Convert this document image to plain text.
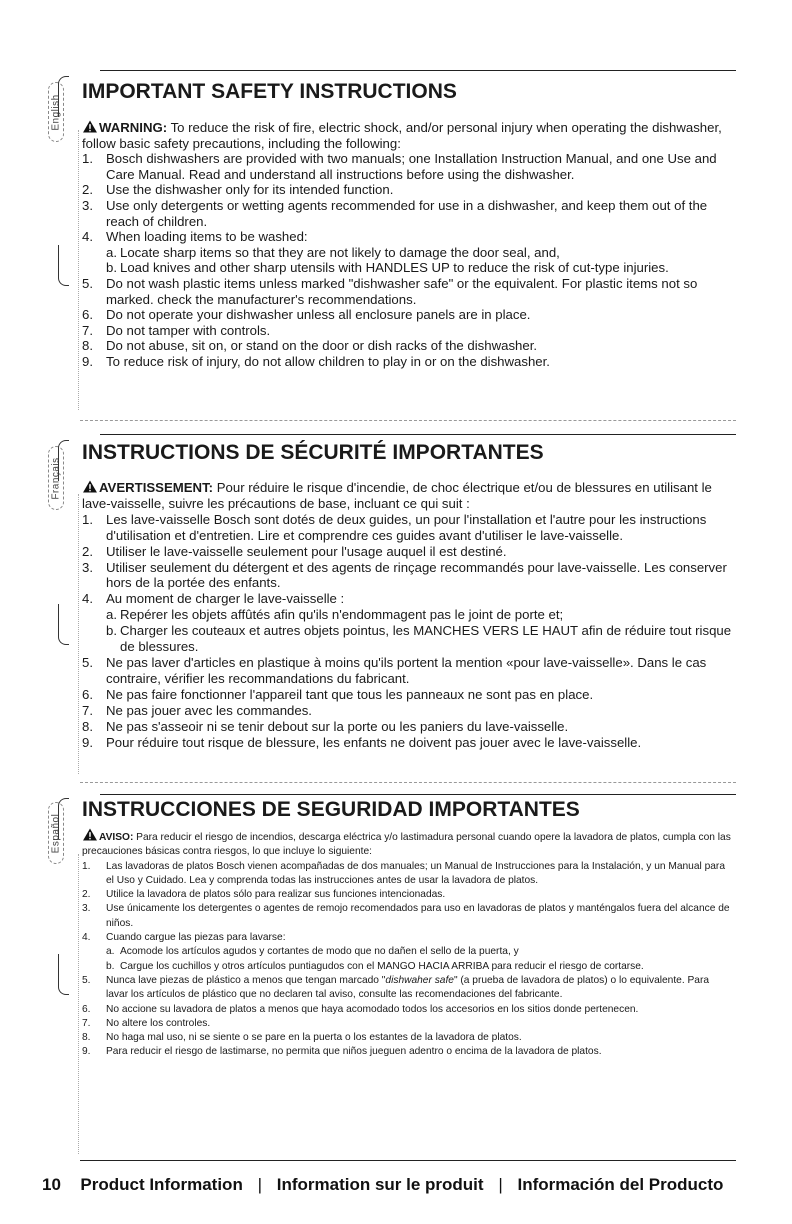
English
IMPORTANT SAFETY INSTRUCTIONS

WARNING: To reduce the risk of fire, electric shock, and/or personal injury when operating the dishwasher, follow basic safety precautions, including the following:

1. Bosch dishwashers are provided with two manuals; one Installation Instruction Manual, and one Use and Care Manual. Read and understand all instructions before using the dishwasher.
2. Use the dishwasher only for its intended function.
3. Use only detergents or wetting agents recommended for use in a dishwasher, and keep them out of the reach of children.
4. When loading items to be washed:
a. Locate sharp items so that they are not likely to damage the door seal, and,
b. Load knives and other sharp utensils with HANDLES UP to reduce the risk of cut-type injuries.
5. Do not wash plastic items unless marked "dishwasher safe" or the equivalent. For plastic items not so marked. check the manufacturer's recommendations.
6. Do not operate your dishwasher unless all enclosure panels are in place.
7. Do not tamper with controls.
8. Do not abuse, sit on, or stand on the door or dish racks of the dishwasher.
9. To reduce risk of injury, do not allow children to play in or on the dishwasher.
Français
INSTRUCTIONS DE SÉCURITÉ IMPORTANTES

AVERTISSEMENT: Pour réduire le risque d'incendie, de choc électrique et/ou de blessures en utilisant le lave-vaisselle, suivre les précautions de base, incluant ce qui suit :

1. Les lave-vaisselle Bosch sont dotés de deux guides, un pour l'installation et l'autre pour les instructions d'utilisation et d'entretien. Lire et comprendre ces guides avant d'utiliser le lave-vaisselle.
2. Utiliser le lave-vaisselle seulement pour l'usage auquel il est destiné.
3. Utiliser seulement du détergent et des agents de rinçage recommandés pour lave-vaisselle. Les conserver hors de la portée des enfants.
4. Au moment de charger le lave-vaisselle :
a. Repérer les objets affûtés afin qu'ils n'endommagent pas le joint de porte et;
b. Charger les couteaux et autres objets pointus, les MANCHES VERS LE HAUT afin de réduire tout risque de blessures.
5. Ne pas laver d'articles en plastique à moins qu'ils portent la mention «pour lave-vaisselle». Dans le cas contraire, vérifier les recommandations du fabricant.
6. Ne pas faire fonctionner l'appareil tant que tous les panneaux ne sont pas en place.
7. Ne pas jouer avec les commandes.
8. Ne pas s'asseoir ni se tenir debout sur la porte ou les paniers du lave-vaisselle.
9. Pour réduire tout risque de blessure, les enfants ne doivent pas jouer avec le lave-vaisselle.
Español
INSTRUCCIONES DE SEGURIDAD IMPORTANTES

AVISO: Para reducir el riesgo de incendios, descarga eléctrica y/o lastimadura personal cuando opere la lavadora de platos, cumpla con las precauciones básicas contra riesgos, lo que incluye lo siguiente:

1. Las lavadoras de platos Bosch vienen acompañadas de dos manuales; un Manual de Instrucciones para la Instalación, y un Manual para el Uso y Cuidado. Lea y comprenda todas las instrucciones antes de usar la lavadora de platos.
2. Utilice la lavadora de platos sólo para realizar sus funciones intencionadas.
3. Use únicamente los detergentes o agentes de remojo recomendados para uso en lavadoras de platos y manténgalos fuera del alcance de niños.
4. Cuando cargue las piezas para lavarse:
a. Acomode los artículos agudos y cortantes de modo que no dañen el sello de la puerta, y
b. Cargue los cuchillos y otros artículos puntiagudos con el MANGO HACIA ARRIBA para reducir el riesgo de cortarse.
5. Nunca lave piezas de plástico a menos que tengan marcado "dishwaher safe" (a prueba de lavadora de platos) o lo equivalente. Para lavar los artículos de plástico que no declaren tal aviso, consulte las recomendaciones del fabricante.
6. No accione su lavadora de platos a menos que haya acomodado todos los accesorios en los sitios donde pertenecen.
7. No altere los controles.
8. No haga mal uso, ni se siente o se pare en la puerta o los estantes de la lavadora de platos.
9. Para reducir el riesgo de lastimarse, no permita que niños jueguen adentro o encima de la lavadora de platos.
10 Product Information | Information sur le produit | Información del Producto
